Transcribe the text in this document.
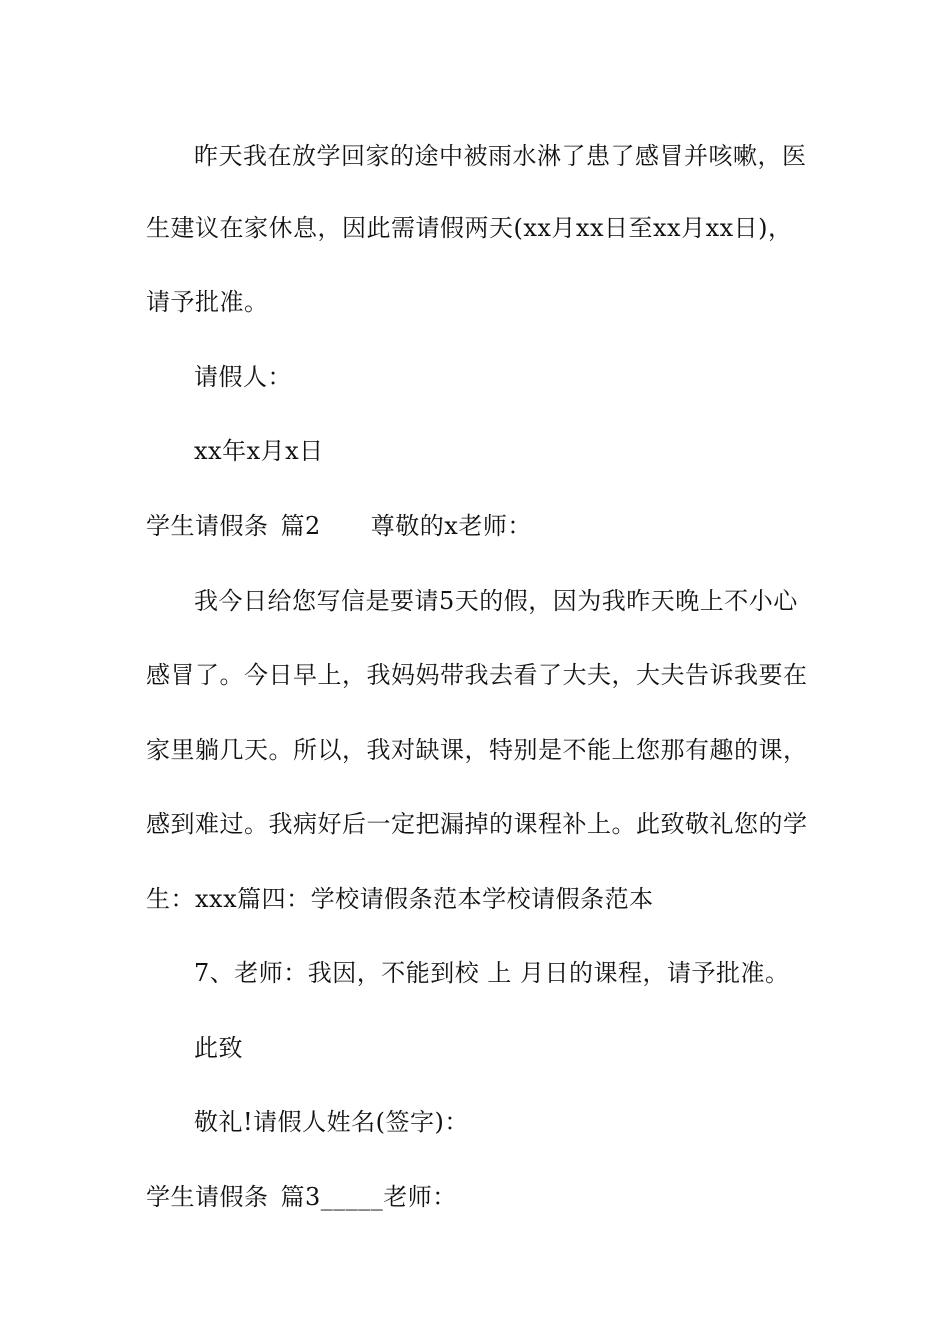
昨天我在放学回家的途中被雨水淋了患了感冒并咳嗽，医
生建议在家休息，因此需请假两天(xx月xx日至xx月xx日)，
请予批准。
请假人：
xx年x月x日
学生请假条 篇2 尊敬的x老师：
我今日给您写信是要请5天的假，因为我昨天晚上不小心
感冒了。今日早上，我妈妈带我去看了大夫，大夫告诉我要在
家里躺几天。所以，我对缺课，特别是不能上您那有趣的课，
感到难过。我病好后一定把漏掉的课程补上。此致敬礼您的学
生：xxx篇四：学校请假条范本学校请假条范本
7、老师：我因，不能到校 上 月日的课程，请予批准。
此致
敬礼!请假人姓名(签字)：
学生请假条 篇3_____老师：
